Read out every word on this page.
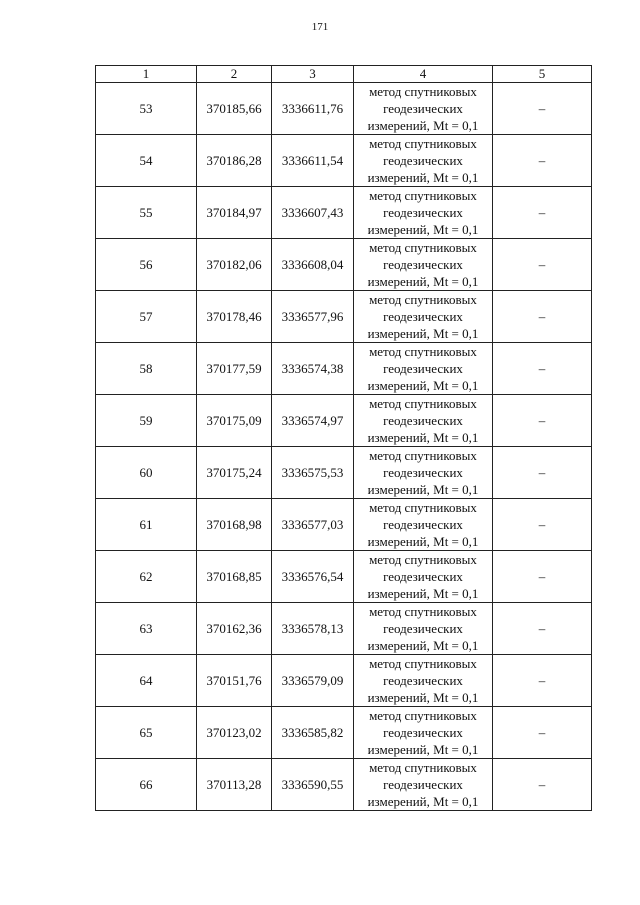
171
1	2	3	4	5
53	370185,66	3336611,76	метод спутниковых
геодезических
измерений, Mt = 0,1	–
54	370186,28	3336611,54	метод спутниковых
геодезических
измерений, Mt = 0,1	–
55	370184,97	3336607,43	метод спутниковых
геодезических
измерений, Mt = 0,1	–
56	370182,06	3336608,04	метод спутниковых
геодезических
измерений, Mt = 0,1	–
57	370178,46	3336577,96	метод спутниковых
геодезических
измерений, Mt = 0,1	–
58	370177,59	3336574,38	метод спутниковых
геодезических
измерений, Mt = 0,1	–
59	370175,09	3336574,97	метод спутниковых
геодезических
измерений, Mt = 0,1	–
60	370175,24	3336575,53	метод спутниковых
геодезических
измерений, Mt = 0,1	–
61	370168,98	3336577,03	метод спутниковых
геодезических
измерений, Mt = 0,1	–
62	370168,85	3336576,54	метод спутниковых
геодезических
измерений, Mt = 0,1	–
63	370162,36	3336578,13	метод спутниковых
геодезических
измерений, Mt = 0,1	–
64	370151,76	3336579,09	метод спутниковых
геодезических
измерений, Mt = 0,1	–
65	370123,02	3336585,82	метод спутниковых
геодезических
измерений, Mt = 0,1	–
66	370113,28	3336590,55	метод спутниковых
геодезических
измерений, Mt = 0,1	–
